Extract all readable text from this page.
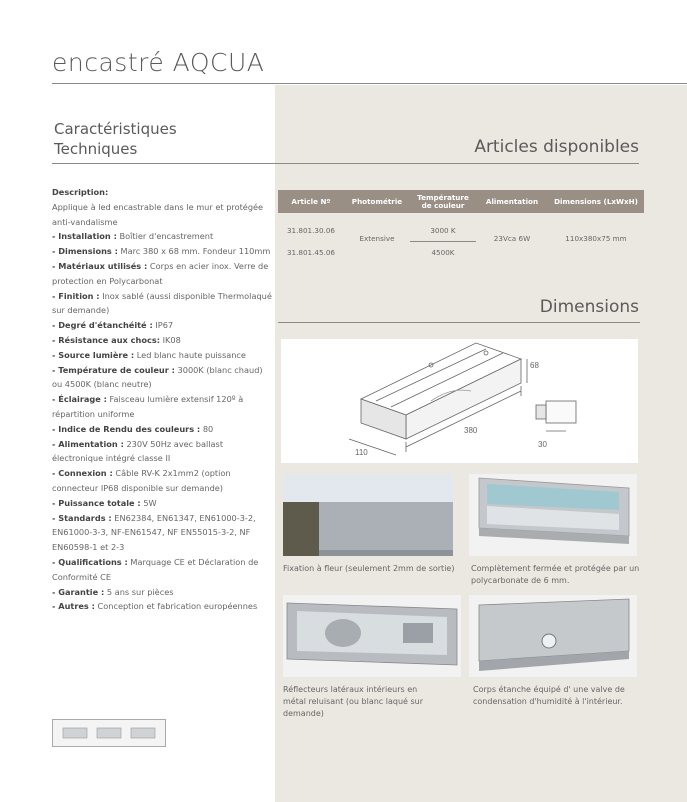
encastré AQCUA
Caractéristiques
Techniques	Articles disponibles
Description:
Applique à led encastrable dans le mur et protégée anti-vandalisme
- Installation : Boîtier d'encastrement
- Dimensions : Marc 380 x 68 mm. Fondeur 110mm
- Matériaux utilisés : Corps en acier inox. Verre de protection en Polycarbonat
- Finition : Inox sablé (aussi disponible Thermolaqué sur demande)
- Degré d'étanchéité : IP67
- Résistance aux chocs: IK08
- Source lumière : Led blanc haute puissance
- Température de couleur : 3000K (blanc chaud) ou 4500K (blanc neutre)
- Éclairage : Faisceau lumière extensif 120º à répartition uniforme
- Indice de Rendu des couleurs : 80
- Alimentation : 230V 50Hz avec ballast électronique intégré classe II
- Connexion : Câble RV-K 2x1mm2 (option connecteur IP68 disponible sur demande)
- Puissance totale : 5W
- Standards : EN62384, EN61347, EN61000-3-2, EN61000-3-3, NF-EN61547, NF EN55015-3-2, NF EN60598-1 et 2-3
- Qualifications : Marquage CE et Déclaration de Conformité CE
- Garantie : 5 ans sur pièces
- Autres : Conception et fabrication européennes
Article Nº	Photométrie	Température de couleur	Alimentation	Dimensions (LxWxH)
31.801.30.06	Extensive	3000 K	23Vca 6W	110x380x75 mm
31.801.45.06		4500K		
Dimensions
380
110
68
30
Fixation à fleur (seulement 2mm de sortie)	Complètement fermée et protégée par un polycarbonate de 6 mm.
Réflecteurs latéraux intérieurs en métal reluisant (ou blanc laqué sur demande)
Corps étanche équipé d' une valve de condensation d'humidité à l'intérieur.
